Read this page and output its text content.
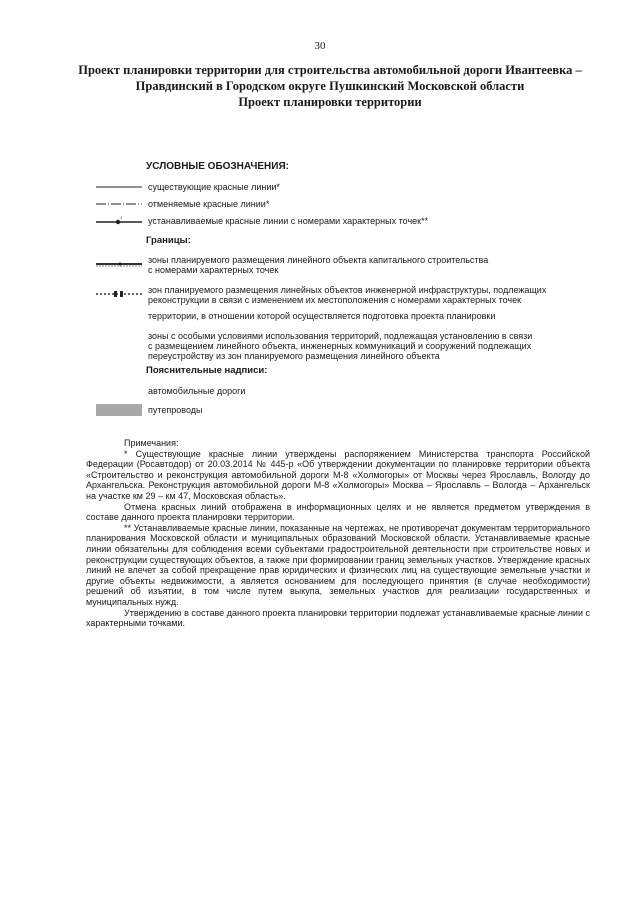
30
Проект планировки территории для строительства автомобильной дороги Ивантеевка –
Правдинский в Городском округе Пушкинский Московской области
Проект планировки территории
УСЛОВНЫЕ ОБОЗНАЧЕНИЯ:
существующие красные линии*
отменяемые красные линии*
1	устанавливаемые красные линии с номерами характерных точек**
Границы:
зоны планируемого размещения линейного объекта капитального строительства
с номерами характерных точек
зон планируемого размещения линейных объектов инженерной инфраструктуры, подлежащих
реконструкции в связи с изменением их местоположения с номерами характерных точек
территории, в отношении которой осуществляется подготовка проекта планировки
зоны с особыми условиями использования территорий, подлежащая установлению в связи
с размещением линейного объекта, инженерных коммуникаций и сооружений подлежащих
переустройству из зон планируемого размещения линейного объекта
Пояснительные надписи:
автомобильные дороги
путепроводы

Примечания:

* Существующие красные линии утверждены распоряжением Министерства транспорта Российской Федерации (Росавтодор) от 20.03.2014 № 445-р «Об утверждении документации по планировке территории объекта «Строительство и реконструкция автомобильной дороги М-8 «Холмогоры» от Москвы через Ярославль, Вологду до Архангельска. Реконструкция автомобильной дороги М-8 «Холмогоры» Москва – Ярославль – Вологда – Архангельск на участке км 29 – км 47, Московская область».

Отмена красных линий отображена в информационных целях и не является предметом утверждения в составе данного проекта планировки территории.

** Устанавливаемые красные линии, показанные на чертежах, не противоречат документам территориального планирования Московской области и муниципальных образований Московской области. Устанавливаемые красные линии обязательны для соблюдения всеми субъектами градостроительной деятельности при строительстве новых и реконструкции существующих объектов, а также при формировании границ земельных участков. Утверждение красных линий не влечет за собой прекращение прав юридических и физических лиц на существующие земельные участки и другие объекты недвижимости, а является основанием для последующего принятия (в случае необходимости) решений об изъятии, в том числе путем выкупа, земельных участков для реализации государственных и муниципальных нужд.

Утверждению в составе данного проекта планировки территории подлежат устанавливаемые красные линии с характерными точками.
